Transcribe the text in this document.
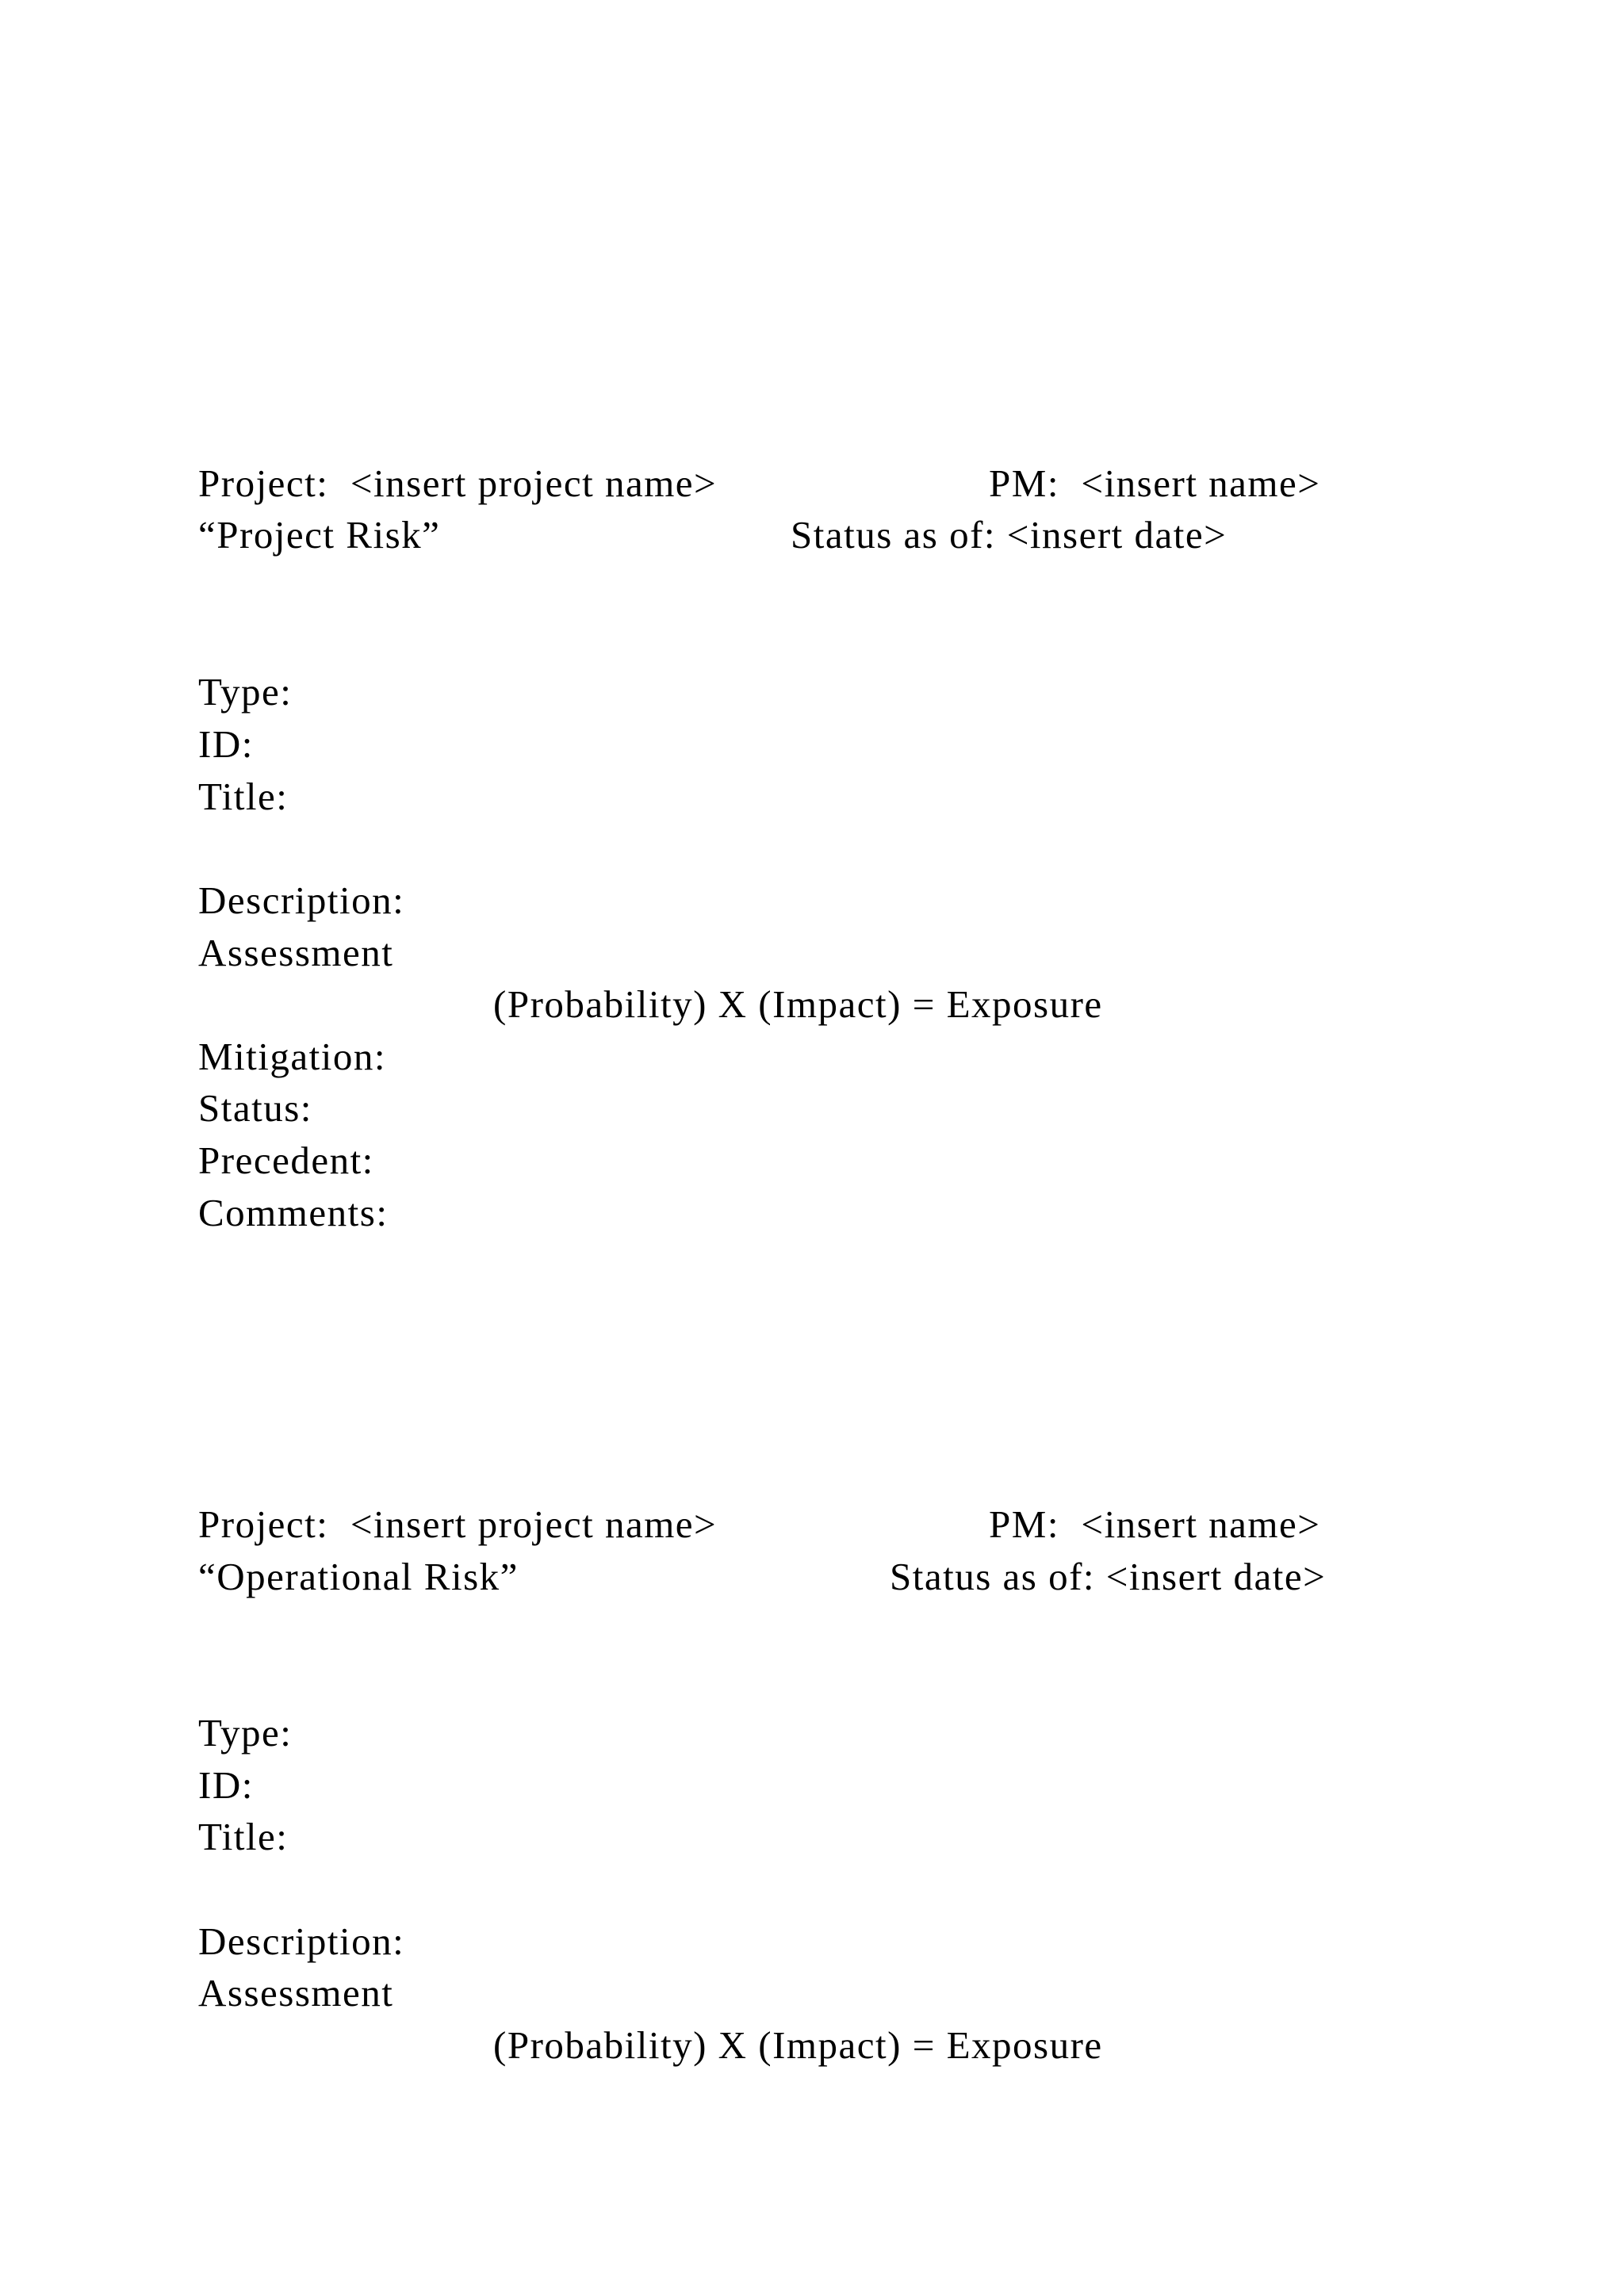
Project:  <insert project name>	PM:  <insert name>
“Project Risk”	Status as of: <insert date>
Type:
ID:
Title:
Description:
Assessment
(Probability) X (Impact) = Exposure
Mitigation:
Status:
Precedent:
Comments:
Project:  <insert project name>	PM:  <insert name>
“Operational Risk”	Status as of: <insert date>
Type:
ID:
Title:
Description:
Assessment
(Probability) X (Impact) = Exposure
